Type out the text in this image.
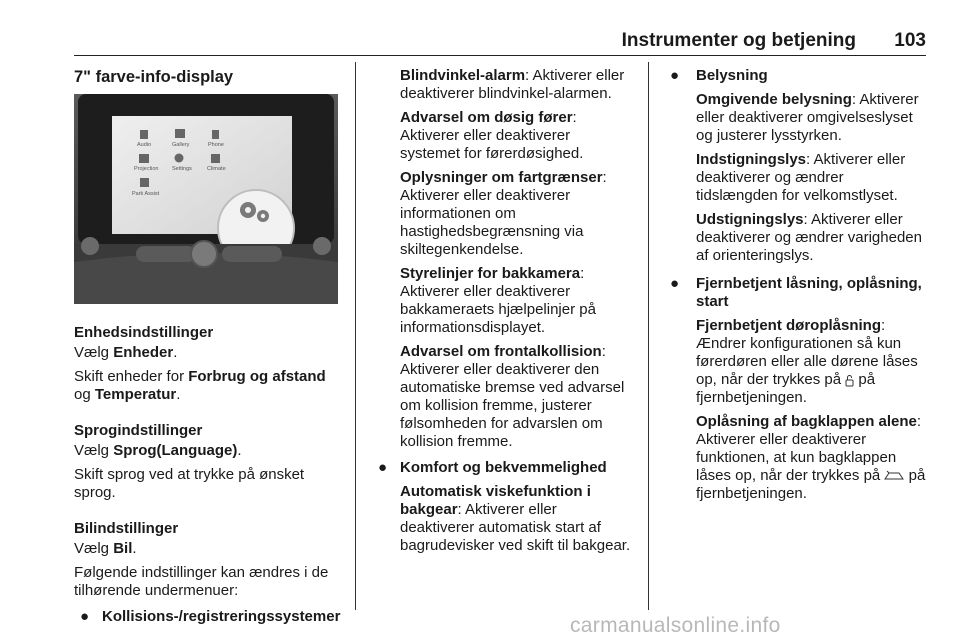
Instrumenter og betjening 103
7" farve-info-display
Audio	Gallery	Phone
Projection Settings	Climate
Park Assist
Enhedsindstillinger
Vælg Enheder.
Skift enheder for Forbrug og afstand og Temperatur.
Sprogindstillinger
Vælg Sprog(Language).
Skift sprog ved at trykke på ønsket sprog.
Bilindstillinger
Vælg Bil.
Følgende indstillinger kan ændres i de tilhørende undermenuer:
● Kollisions-/registreringssystemer
Blindvinkel-alarm: Aktiverer eller deaktiverer blindvinkel-alarmen.
Advarsel om døsig fører: Aktiverer eller deaktiverer systemet for førerdøsighed.
Oplysninger om fartgrænser: Aktiverer eller deaktiverer informationen om hastighedsbegrænsning via skiltegenkendelse.
Styrelinjer for bakkamera: Aktiverer eller deaktiverer bakkameraets hjælpelinjer på informationsdisplayet.
Advarsel om frontalkollision: Aktiverer eller deaktiverer den automatiske bremse ved advarsel om kollision fremme, justerer følsomheden for advarslen om kollision fremme.
● Komfort og bekvemmelighed
Automatisk viskefunktion i bakgear: Aktiverer eller deaktiverer automatisk start af bagrudevisker ved skift til bakgear.
● Belysning
Omgivende belysning: Aktiverer eller deaktiverer omgivelseslyset og justerer lysstyrken.
Indstigningslys: Aktiverer eller deaktiverer og ændrer tidslængden for velkomstlyset.
Udstigningslys: Aktiverer eller deaktiverer og ændrer varigheden af orienteringslys.
● Fjernbetjent låsning, oplåsning, start
Fjernbetjent døroplåsning: Ændrer konfigurationen så kun førerdøren eller alle dørene låses op, når der trykkes på  på fjernbetjeningen.
Oplåsning af bagklappen alene: Aktiverer eller deaktiverer funktionen, at kun bagklappen låses op, når der trykkes på  på fjernbetjeningen.
carmanualsonline.info
